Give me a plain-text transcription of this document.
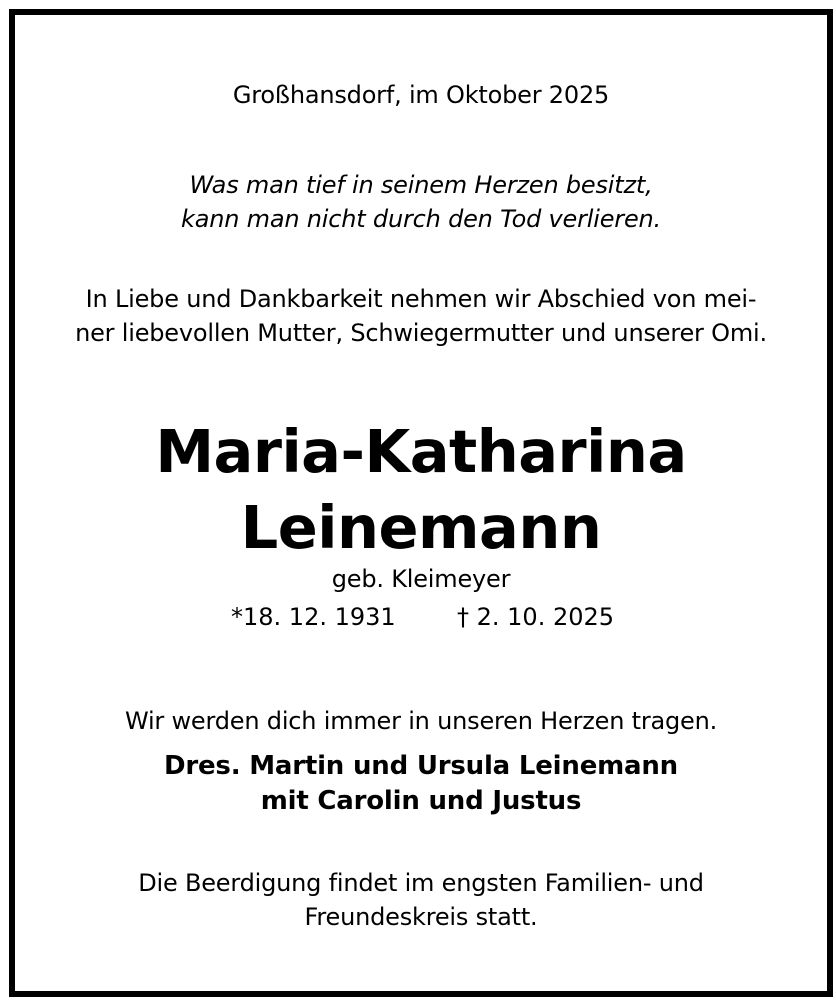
Großhansdorf, im Oktober 2025
Was man tief in seinem Herzen besitzt,
kann man nicht durch den Tod verlieren.
In Liebe und Dankbarkeit nehmen wir Abschied von mei-
ner liebevollen Mutter, Schwiegermutter und unserer Omi.
Maria-Katharina
Leinemann
geb. Kleimeyer
*18. 12. 1931	† 2. 10. 2025
Wir werden dich immer in unseren Herzen tragen.
Dres. Martin und Ursula Leinemann
mit Carolin und Justus
Die Beerdigung findet im engsten Familien- und
Freundeskreis statt.
